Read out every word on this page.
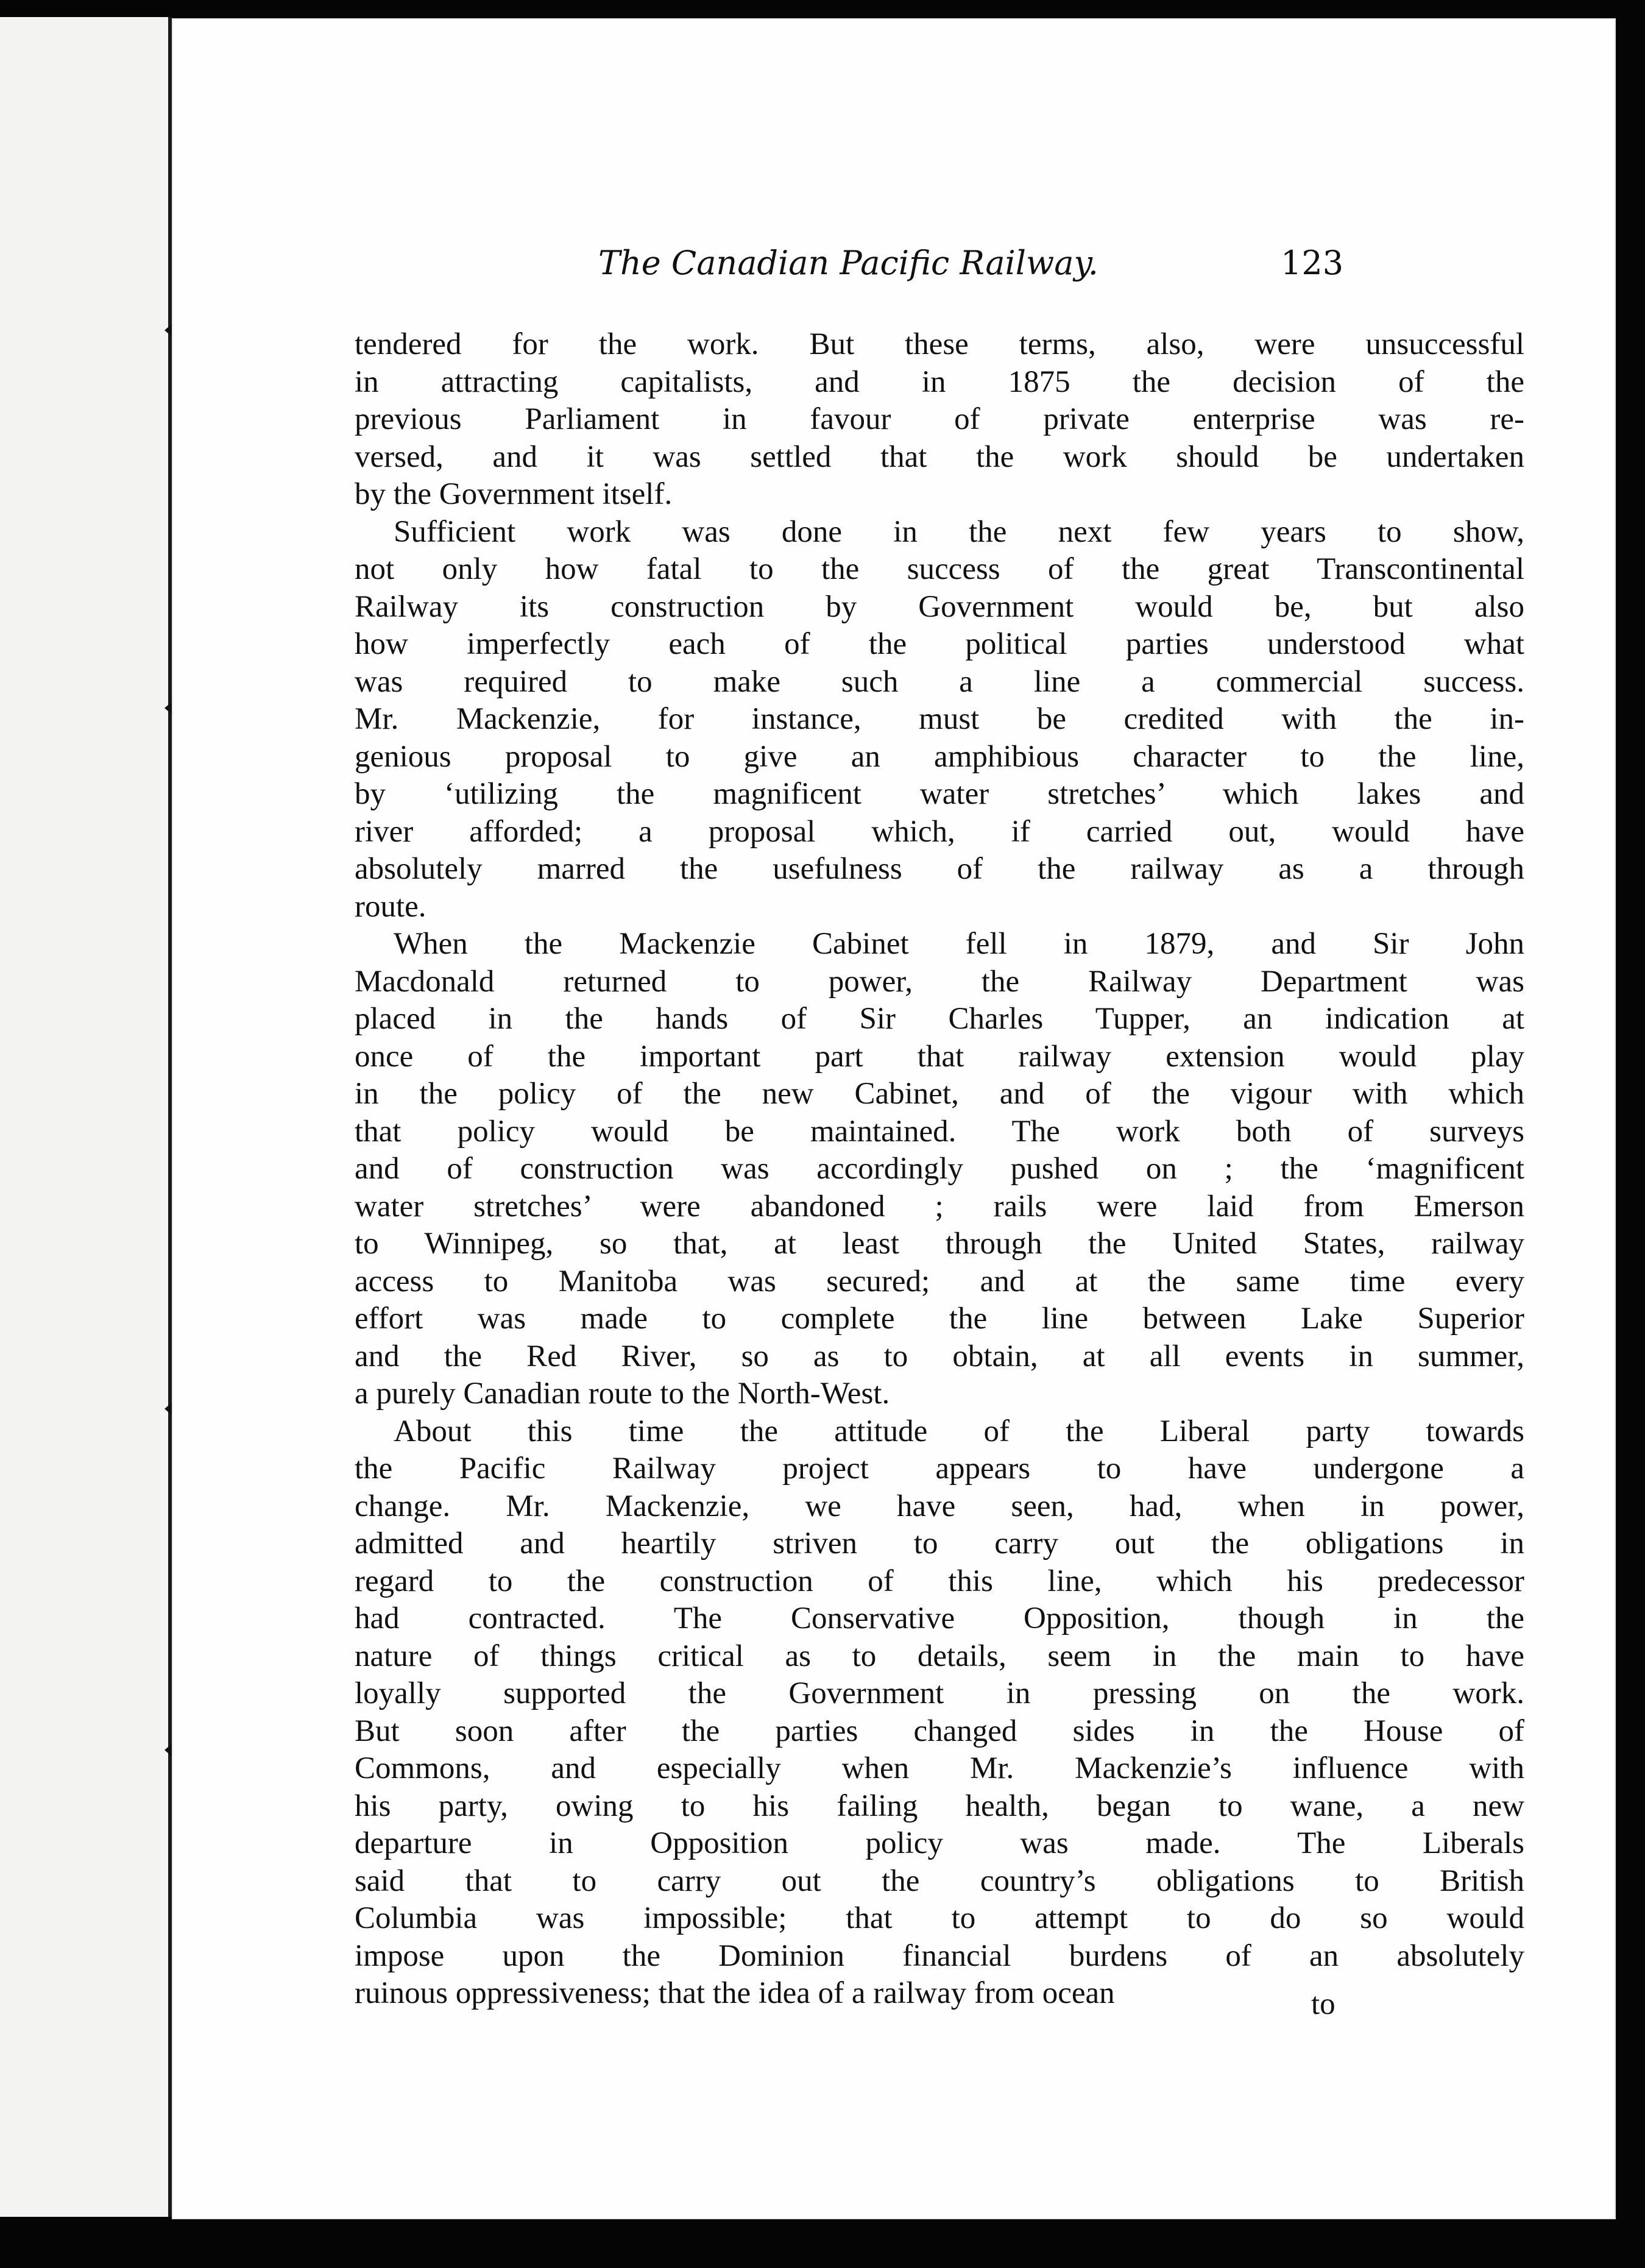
The Canadian Pacific Railway.	123
tendered for the work. But these terms, also, were unsuccessful
in attracting capitalists, and in 1875 the decision of the
previous Parliament in favour of private enterprise was re-
versed, and it was settled that the work should be undertaken
by the Government itself.
Sufficient work was done in the next few years to show,
not only how fatal to the success of the great Transcontinental
Railway its construction by Government would be, but also
how imperfectly each of the political parties understood what
was required to make such a line a commercial success.
Mr. Mackenzie, for instance, must be credited with the in-
genious proposal to give an amphibious character to the line,
by ‘utilizing the magnificent water stretches’ which lakes and
river afforded; a proposal which, if carried out, would have
absolutely marred the usefulness of the railway as a through
route.
When the Mackenzie Cabinet fell in 1879, and Sir John
Macdonald returned to power, the Railway Department was
placed in the hands of Sir Charles Tupper, an indication at
once of the important part that railway extension would play
in the policy of the new Cabinet, and of the vigour with which
that policy would be maintained. The work both of surveys
and of construction was accordingly pushed on ; the ‘magnificent
water stretches’ were abandoned ; rails were laid from Emerson
to Winnipeg, so that, at least through the United States, railway
access to Manitoba was secured; and at the same time every
effort was made to complete the line between Lake Superior
and the Red River, so as to obtain, at all events in summer,
a purely Canadian route to the North-West.
About this time the attitude of the Liberal party towards
the Pacific Railway project appears to have undergone a
change. Mr. Mackenzie, we have seen, had, when in power,
admitted and heartily striven to carry out the obligations in
regard to the construction of this line, which his predecessor
had contracted. The Conservative Opposition, though in the
nature of things critical as to details, seem in the main to have
loyally supported the Government in pressing on the work.
But soon after the parties changed sides in the House of
Commons, and especially when Mr. Mackenzie’s influence with
his party, owing to his failing health, began to wane, a new
departure in Opposition policy was made. The Liberals
said that to carry out the country’s obligations to British
Columbia was impossible; that to attempt to do so would
impose upon the Dominion financial burdens of an absolutely
ruinous oppressiveness; that the idea of a railway from ocean	to
